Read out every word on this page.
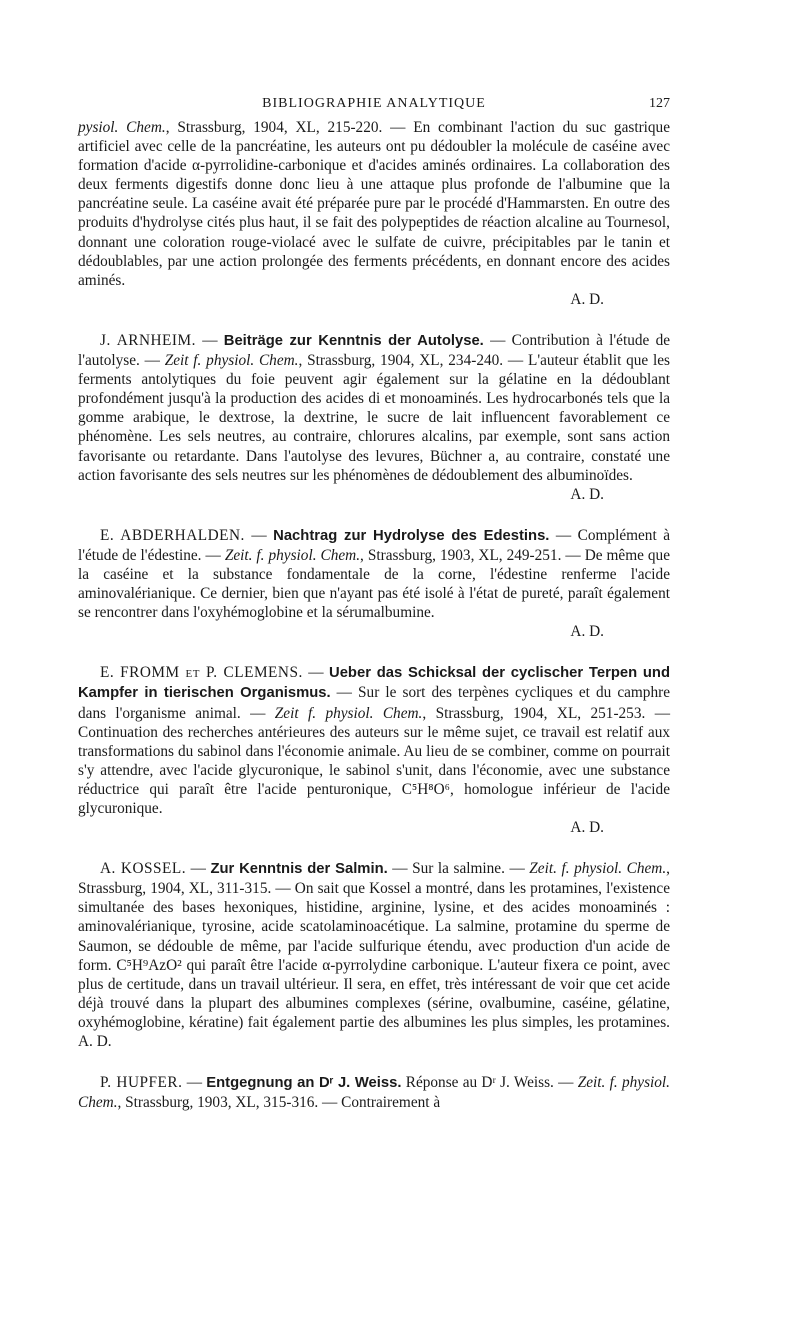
BIBLIOGRAPHIE ANALYTIQUE	127

pysiol. Chem., Strassburg, 1904, XL, 215-220. — En combinant l'action du suc gastrique artificiel avec celle de la pancréatine, les auteurs ont pu dédoubler la molécule de caséine avec formation d'acide α-pyrrolidine-carbonique et d'acides aminés ordinaires. La collaboration des deux ferments digestifs donne donc lieu à une attaque plus profonde de l'albumine que la pancréatine seule. La caséine avait été préparée pure par le procédé d'Hammarsten. En outre des produits d'hydrolyse cités plus haut, il se fait des polypeptides de réaction alcaline au Tournesol, donnant une coloration rouge-violacé avec le sulfate de cuivre, précipitables par le tanin et dédoublables, par une action prolongée des ferments précédents, en donnant encore des acides aminés.

A. D.

J. ARNHEIM. — Beiträge zur Kenntnis der Autolyse. — Contribution à l'étude de l'autolyse. — Zeit f. physiol. Chem., Strassburg, 1904, XL, 234-240. — L'auteur établit que les ferments antolytiques du foie peuvent agir également sur la gélatine en la dédoublant profondément jusqu'à la production des acides di et monoaminés. Les hydrocarbonés tels que la gomme arabique, le dextrose, la dextrine, le sucre de lait influencent favorablement ce phénomène. Les sels neutres, au contraire, chlorures alcalins, par exemple, sont sans action favorisante ou retardante. Dans l'autolyse des levures, Büchner a, au contraire, constaté une action favorisante des sels neutres sur les phénomènes de dédoublement des albuminoïdes.

A. D.

E. ABDERHALDEN. — Nachtrag zur Hydrolyse des Edestins. — Complément à l'étude de l'édestine. — Zeit. f. physiol. Chem., Strassburg, 1903, XL, 249-251. — De même que la caséine et la substance fondamentale de la corne, l'édestine renferme l'acide aminovalérianique. Ce dernier, bien que n'ayant pas été isolé à l'état de pureté, paraît également se rencontrer dans l'oxyhémoglobine et la sérumalbumine.

A. D.

E. FROMM et P. CLEMENS. — Ueber das Schicksal der cyclischer Terpen und Kampfer in tierischen Organismus. — Sur le sort des terpènes cycliques et du camphre dans l'organisme animal. — Zeit f. physiol. Chem., Strassburg, 1904, XL, 251-253. — Continuation des recherches antérieures des auteurs sur le même sujet, ce travail est relatif aux transformations du sabinol dans l'économie animale. Au lieu de se combiner, comme on pourrait s'y attendre, avec l'acide glycuronique, le sabinol s'unit, dans l'économie, avec une substance réductrice qui paraît être l'acide penturonique, C⁵H⁸O⁶, homologue inférieur de l'acide glycuronique.

A. D.

A. KOSSEL. — Zur Kenntnis der Salmin. — Sur la salmine. — Zeit. f. physiol. Chem., Strassburg, 1904, XL, 311-315. — On sait que Kossel a montré, dans les protamines, l'existence simultanée des bases hexoniques, histidine, arginine, lysine, et des acides monoaminés : aminovalérianique, tyrosine, acide scatolaminoacétique. La salmine, protamine du sperme de Saumon, se dédouble de même, par l'acide sulfurique étendu, avec production d'un acide de form. C⁵H⁹AzO² qui paraît être l'acide α-pyrrolydine carbonique. L'auteur fixera ce point, avec plus de certitude, dans un travail ultérieur. Il sera, en effet, très intéressant de voir que cet acide déjà trouvé dans la plupart des albumines complexes (sérine, ovalbumine, caséine, gélatine, oxyhémoglobine, kératine) fait également partie des albumines les plus simples, les protamines. A. D.

P. HUPFER. — Entgegnung an Dʳ J. Weiss. Réponse au Dʳ J. Weiss. — Zeit. f. physiol. Chem., Strassburg, 1903, XL, 315-316. — Contrairement à
